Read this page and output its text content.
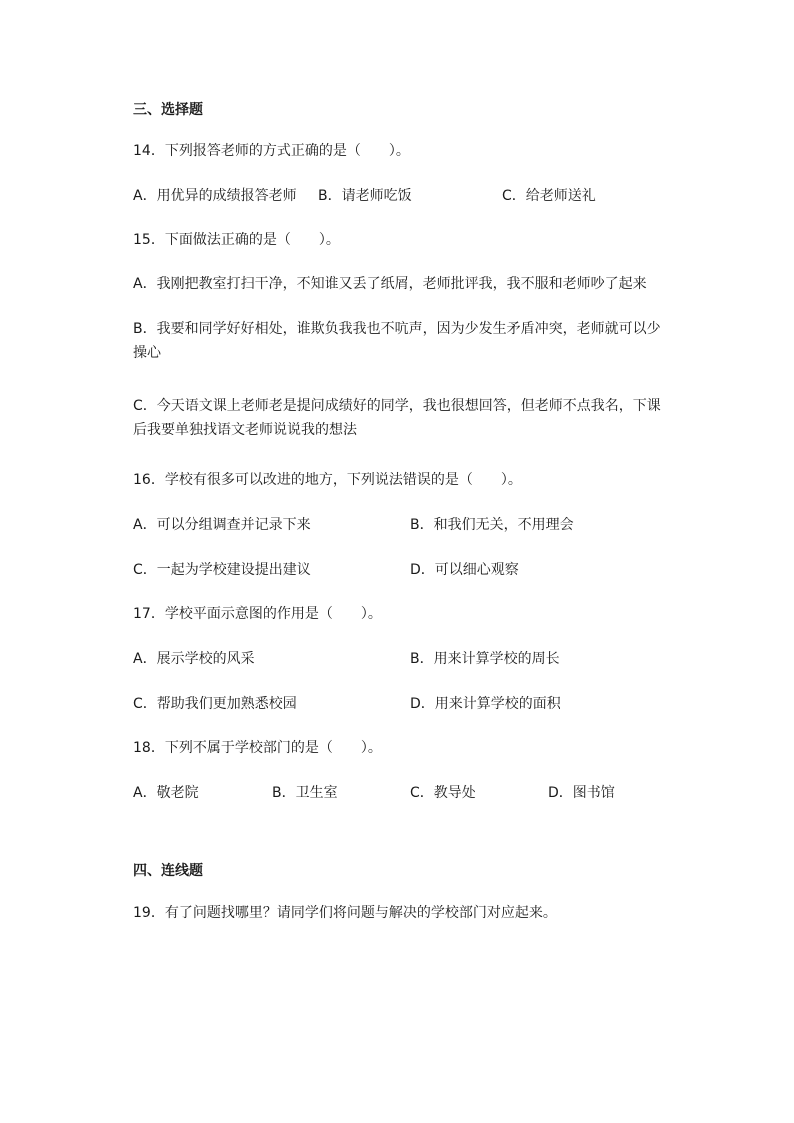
三、选择题
14．下列报答老师的方式正确的是（　　）。
A．用优异的成绩报答老师 B．请老师吃饭	C．给老师送礼
15．下面做法正确的是（　　）。
A．我刚把教室打扫干净，不知谁又丢了纸屑，老师批评我，我不服和老师吵了起来
B．我要和同学好好相处，谁欺负我我也不吭声，因为少发生矛盾冲突，老师就可以少操心
C．今天语文课上老师老是提问成绩好的同学，我也很想回答，但老师不点我名，下课后我要单独找语文老师说说我的想法
16．学校有很多可以改进的地方，下列说法错误的是（　　）。
A．可以分组调查并记录下来	B．和我们无关，不用理会
C．一起为学校建设提出建议	D．可以细心观察
17．学校平面示意图的作用是（　　）。
A．展示学校的风采	B．用来计算学校的周长
C．帮助我们更加熟悉校园	D．用来计算学校的面积
18．下列不属于学校部门的是（　　）。
A．敬老院	B．卫生室	C．教导处	D．图书馆
四、连线题
19．有了问题找哪里？请同学们将问题与解决的学校部门对应起来。
